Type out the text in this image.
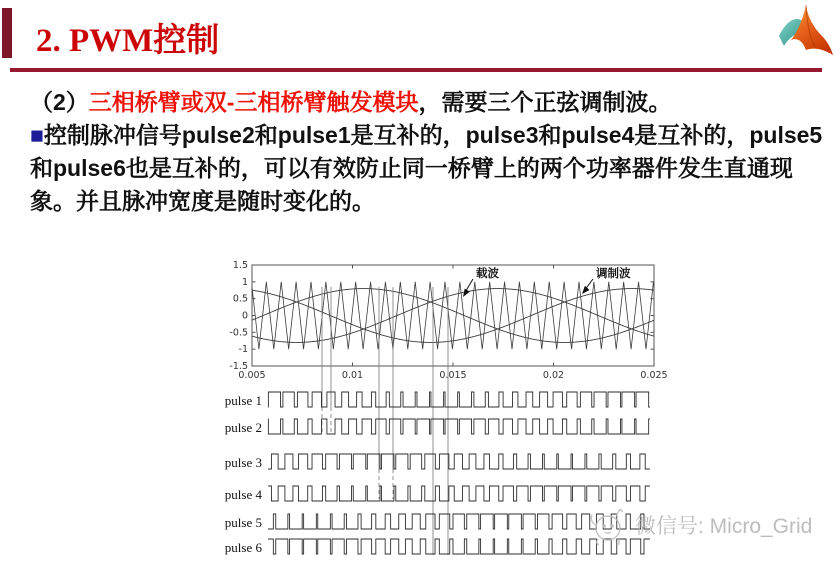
2. PWM控制

（2）三相桥臂或双-三相桥臂触发模块，需要三个正弦调制波。

■控制脉冲信号pulse2和pulse1是互补的，pulse3和pulse4是互补的，pulse5和pulse6也是互补的，可以有效防止同一桥臂上的两个功率器件发生直通现象。并且脉冲宽度是随时变化的。

0.005	0.01	0.015	0.02	0.025
1.5
1
0.5
0
-0.5
-1
-1.5
载波	调制波
pulse 1
pulse 2
pulse 3
pulse 4
pulse 5
pulse 6
微信号: Micro_Grid
